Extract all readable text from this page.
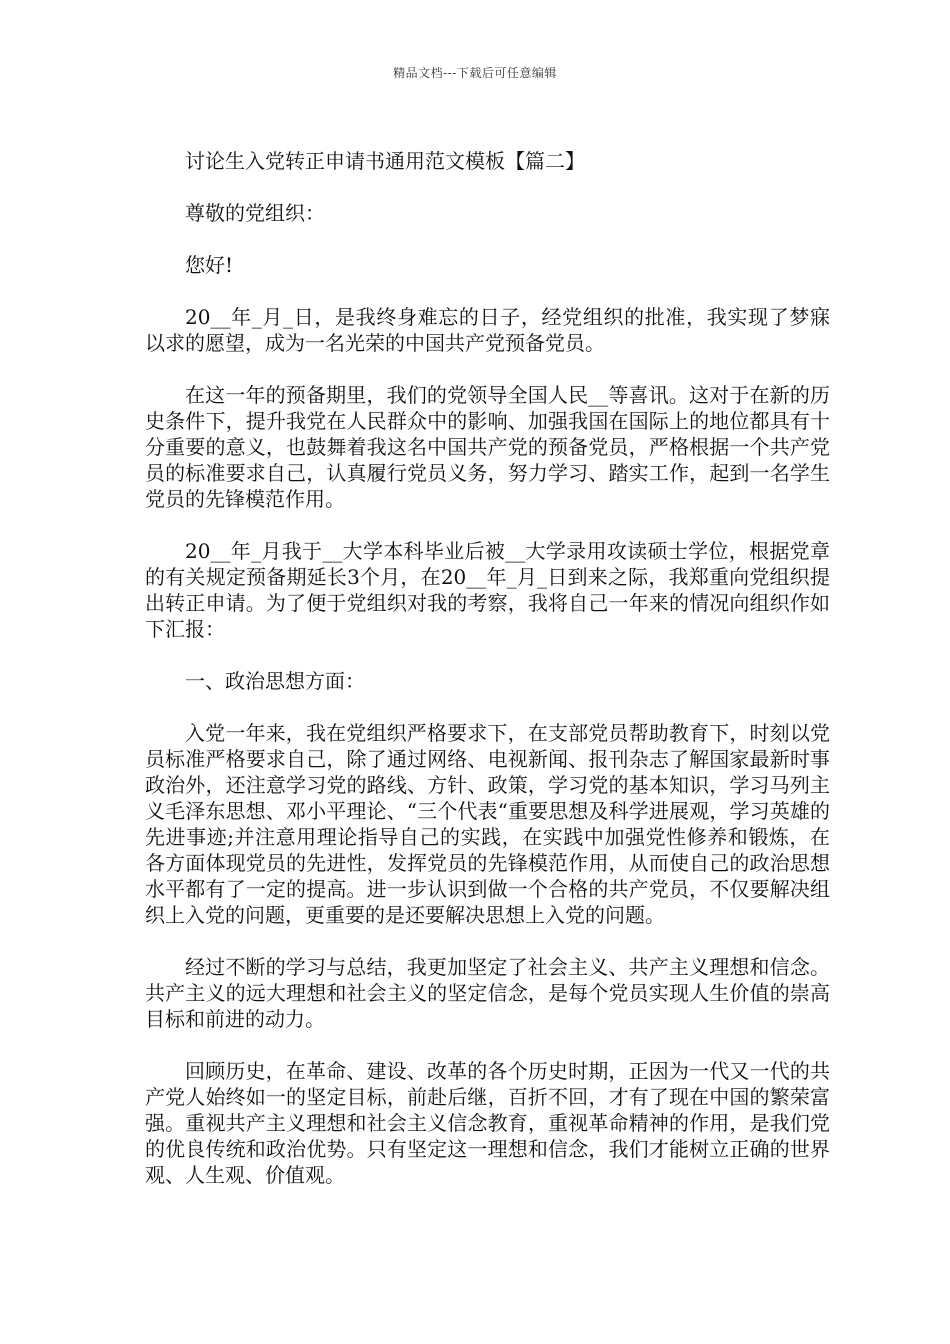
精品文档---下载后可任意编辑

讨论生入党转正申请书通用范文模板【篇二】

尊敬的党组织：

您好!

20__年_月_日，是我终身难忘的日子，经党组织的批准，我实现了梦寐以求的愿望，成为一名光荣的中国共产党预备党员。

在这一年的预备期里，我们的党领导全国人民__等喜讯。这对于在新的历史条件下，提升我党在人民群众中的影响、加强我国在国际上的地位都具有十分重要的意义，也鼓舞着我这名中国共产党的预备党员，严格根据一个共产党员的标准要求自己，认真履行党员义务，努力学习、踏实工作，起到一名学生党员的先锋模范作用。

20__年_月我于__大学本科毕业后被__大学录用攻读硕士学位，根据党章的有关规定预备期延长3个月，在20__年_月_日到来之际，我郑重向党组织提出转正申请。为了便于党组织对我的考察，我将自己一年来的情况向组织作如下汇报：

一、政治思想方面：

入党一年来，我在党组织严格要求下，在支部党员帮助教育下，时刻以党员标准严格要求自己，除了通过网络、电视新闻、报刊杂志了解国家最新时事政治外，还注意学习党的路线、方针、政策，学习党的基本知识，学习马列主义毛泽东思想、邓小平理论、“三个代表“重要思想及科学进展观，学习英雄的先进事迹;并注意用理论指导自己的实践，在实践中加强党性修养和锻炼，在各方面体现党员的先进性，发挥党员的先锋模范作用，从而使自己的政治思想水平都有了一定的提高。进一步认识到做一个合格的共产党员，不仅要解决组织上入党的问题，更重要的是还要解决思想上入党的问题。

经过不断的学习与总结，我更加坚定了社会主义、共产主义理想和信念。共产主义的远大理想和社会主义的坚定信念，是每个党员实现人生价值的崇高目标和前进的动力。

回顾历史，在革命、建设、改革的各个历史时期，正因为一代又一代的共产党人始终如一的坚定目标，前赴后继，百折不回，才有了现在中国的繁荣富强。重视共产主义理想和社会主义信念教育，重视革命精神的作用，是我们党的优良传统和政治优势。只有坚定这一理想和信念，我们才能树立正确的世界观、人生观、价值观。
